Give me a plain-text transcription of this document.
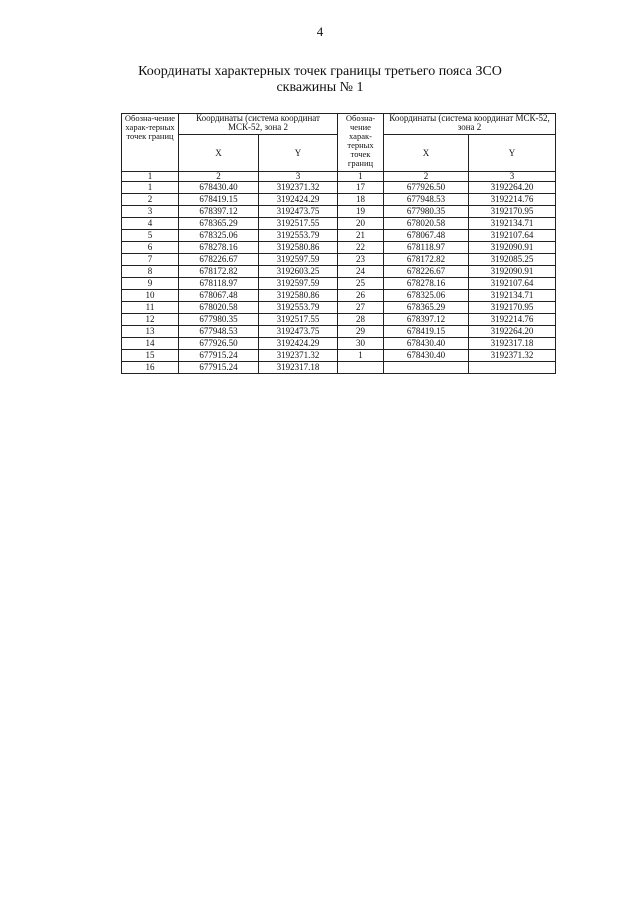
4
Координаты характерных точек границы третьего пояса ЗСО
скважины № 1
Обозна-чение харак-терных точек границ	Координаты (система координат МСК-52, зона 2		Обозна-чение харак-терных точек границ	Координаты (система координат МСК-52, зона 2	
	X	Y		X	Y
1	2	3	1	2	3
1	678430.40	3192371.32	17	677926.50	3192264.20
2	678419.15	3192424.29	18	677948.53	3192214.76
3	678397.12	3192473.75	19	677980.35	3192170.95
4	678365.29	3192517.55	20	678020.58	3192134.71
5	678325.06	3192553.79	21	678067.48	3192107.64
6	678278.16	3192580.86	22	678118.97	3192090.91
7	678226.67	3192597.59	23	678172.82	3192085.25
8	678172.82	3192603.25	24	678226.67	3192090.91
9	678118.97	3192597.59	25	678278.16	3192107.64
10	678067.48	3192580.86	26	678325.06	3192134.71
11	678020.58	3192553.79	27	678365.29	3192170.95
12	677980.35	3192517.55	28	678397.12	3192214.76
13	677948.53	3192473.75	29	678419.15	3192264.20
14	677926.50	3192424.29	30	678430.40	3192317.18
15	677915.24	3192371.32	1	678430.40	3192371.32
16	677915.24	3192317.18			
